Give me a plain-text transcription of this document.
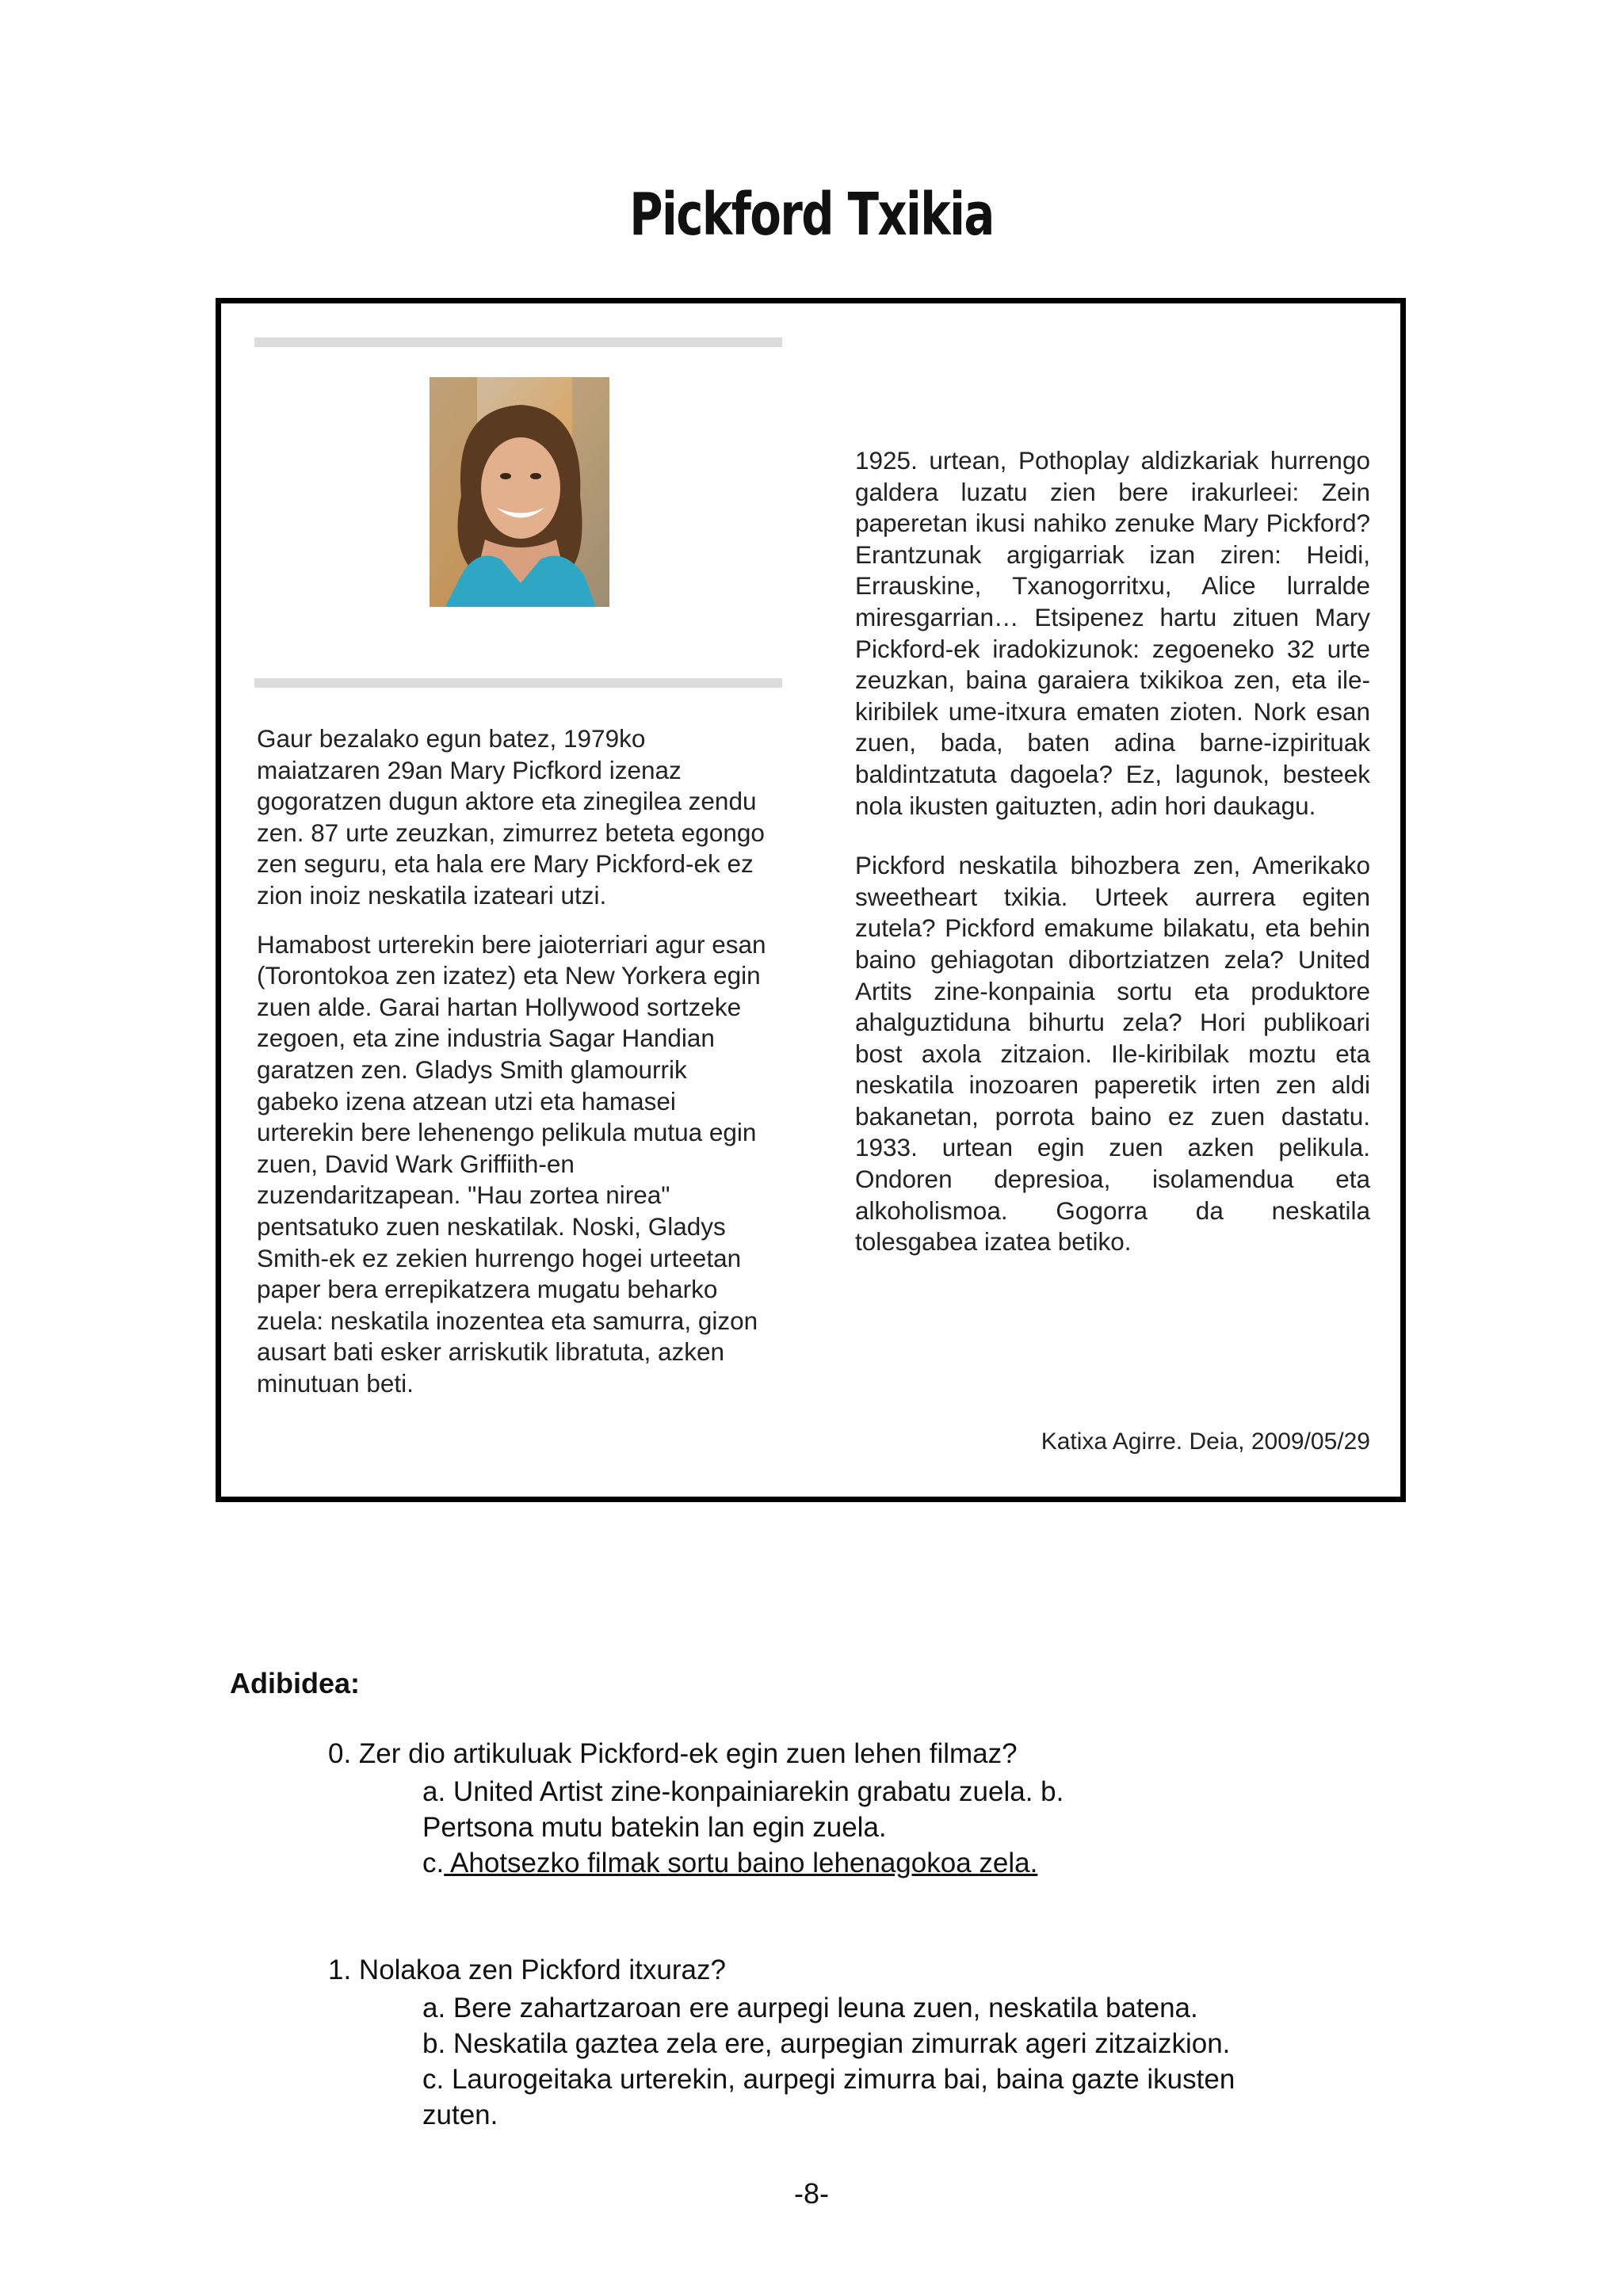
Pickford Txikia

Gaur bezalako egun batez, 1979ko maiatzaren 29an Mary Picfkord izenaz gogoratzen dugun aktore eta zinegilea zendu zen. 87 urte zeuzkan, zimurrez beteta egongo zen seguru, eta hala ere Mary Pickford-ek ez zion inoiz neskatila izateari utzi.

Hamabost urterekin bere jaioterriari agur esan (Torontokoa zen izatez) eta New Yorkera egin zuen alde. Garai hartan Hollywood sortzeke zegoen, eta zine industria Sagar Handian garatzen zen. Gladys Smith glamourrik gabeko izena atzean utzi eta hamasei urterekin bere lehenengo pelikula mutua egin zuen, David Wark Griffiith-en zuzendaritzapean. "Hau zortea nirea" pentsatuko zuen neskatilak. Noski, Gladys Smith-ek ez zekien hurrengo hogei urteetan paper bera errepikatzera mugatu beharko zuela: neskatila inozentea eta samurra, gizon ausart bati esker arriskutik libratuta, azken minutuan beti.

1925. urtean, Pothoplay aldizkariak hurrengo galdera luzatu zien bere irakurleei: Zein paperetan ikusi nahiko zenuke Mary Pickford? Erantzunak argigarriak izan ziren: Heidi, Errauskine, Txanogorritxu, Alice lurralde miresgarrian… Etsipenez hartu zituen Mary Pickford-ek iradokizunok: zegoeneko 32 urte zeuzkan, baina garaiera txikikoa zen, eta ile-kiribilek ume-itxura ematen zioten. Nork esan zuen, bada, baten adina barne-izpirituak baldintzatuta dagoela? Ez, lagunok, besteek nola ikusten gaituzten, adin hori daukagu.

Pickford neskatila bihozbera zen, Amerikako sweetheart txikia. Urteek aurrera egiten zutela? Pickford emakume bilakatu, eta behin baino gehiagotan dibortziatzen zela? United Artits zine-konpainia sortu eta produktore ahalguztiduna bihurtu zela? Hori publikoari bost axola zitzaion. Ile-kiribilak moztu eta neskatila inozoaren paperetik irten zen aldi bakanetan, porrota baino ez zuen dastatu. 1933. urtean egin zuen azken pelikula. Ondoren depresioa, isolamendua eta alkoholismoa. Gogorra da neskatila tolesgabea izatea betiko.

Katixa Agirre. Deia, 2009/05/29
Adibidea:
0. Zer dio artikuluak Pickford-ek egin zuen lehen filmaz?
a. United Artist zine-konpainiarekin grabatu zuela. b.
Pertsona mutu batekin lan egin zuela.
c. Ahotsezko filmak sortu baino lehenagokoa zela.
1. Nolakoa zen Pickford itxuraz?
a. Bere zahartzaroan ere aurpegi leuna zuen, neskatila batena.
b. Neskatila gaztea zela ere, aurpegian zimurrak ageri zitzaizkion.
c. Laurogeitaka urterekin, aurpegi zimurra bai, baina gazte ikusten zuten.
-8-
